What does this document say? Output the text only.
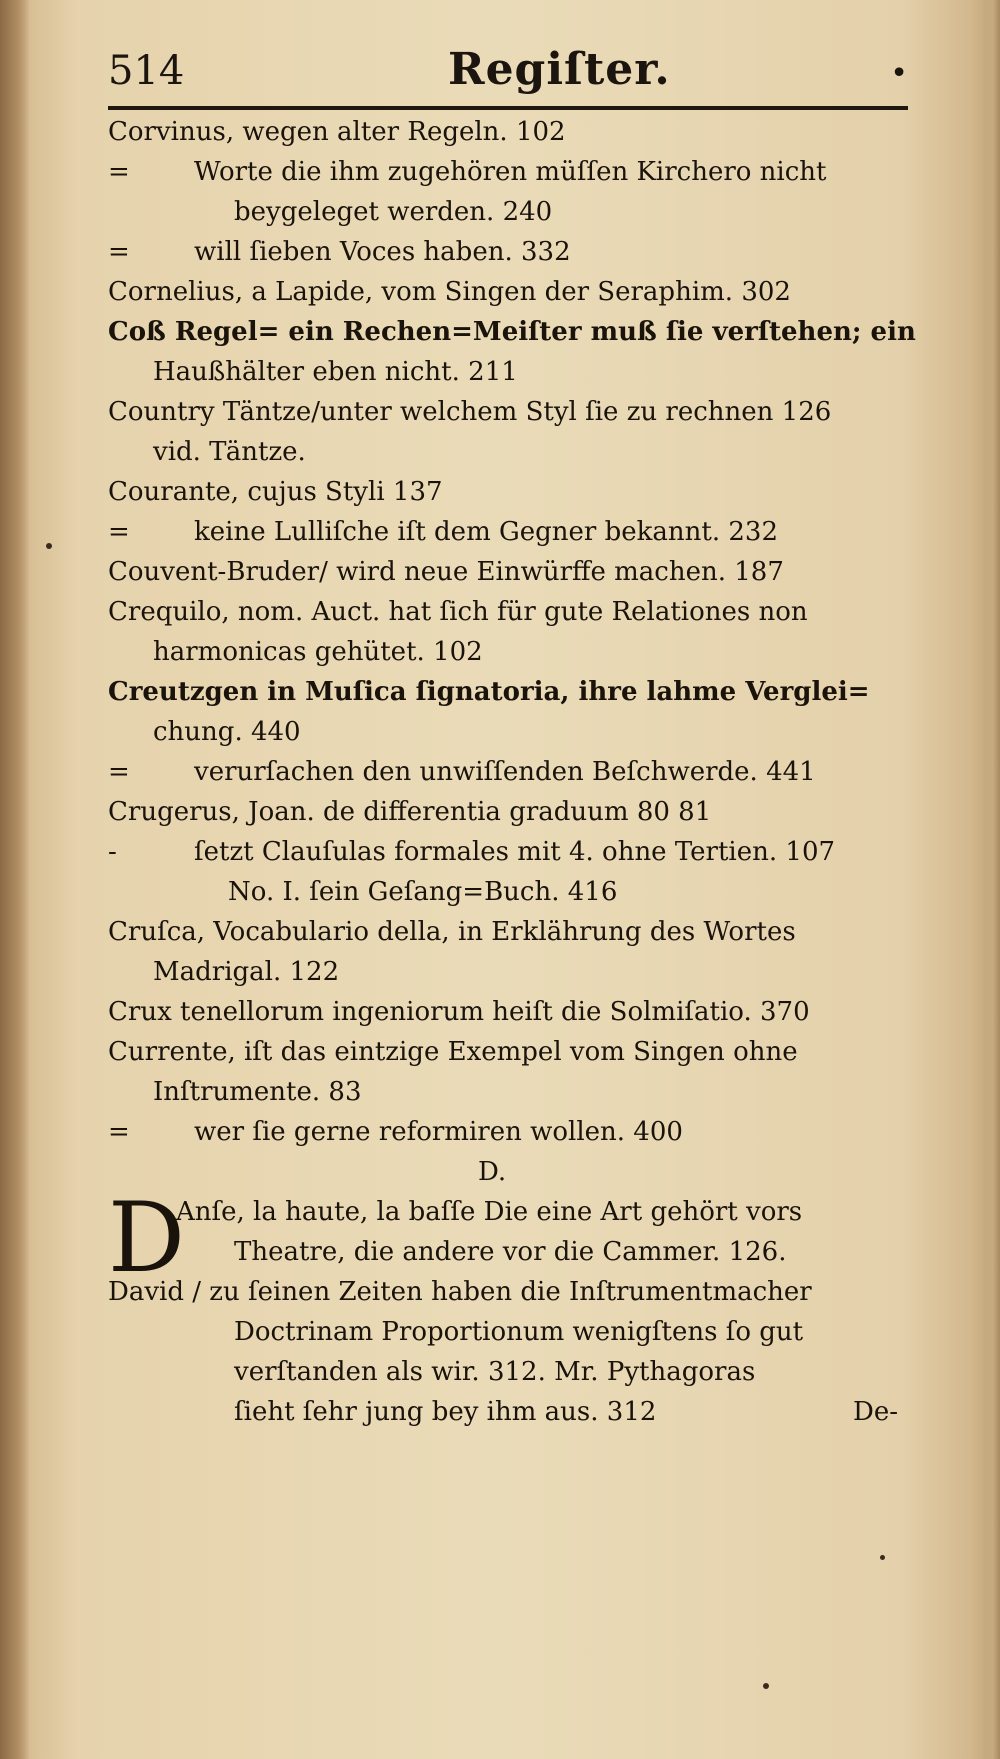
514	Regiſter.	•
Corvinus, wegen alter Regeln. 102
= Worte die ihm zugehören müſſen Kirchero nicht
beygeleget werden. 240
= will ſieben Voces haben. 332
Cornelius, a Lapide, vom Singen der Seraphim. 302
Coß Regel= ein Rechen=Meiſter muß ſie verſtehen; ein
Haußhälter eben nicht. 211
Country Täntze/unter welchem Styl ſie zu rechnen 126
vid. Täntze.
Courante, cujus Styli 137
= keine Lulliſche iſt dem Gegner bekannt. 232
Couvent-Bruder/ wird neue Einwürffe machen. 187
Crequilo, nom. Auct. hat ſich für gute Relationes non
harmonicas gehütet. 102
Creutzgen in Muſica ſignatoria, ihre lahme Verglei=
chung. 440
= verurſachen den unwiſſenden Beſchwerde. 441
Crugerus, Joan. de differentia graduum 80 81
-	ſetzt Clauſulas formales mit 4. ohne Tertien. 107
No. I. ſein Geſang=Buch. 416
Cruſca, Vocabulario della, in Erklährung des Wortes
Madrigal. 122
Crux tenellorum ingeniorum heiſt die Solmiſatio. 370
Currente, iſt das eintzige Exempel vom Singen ohne
Inſtrumente. 83
= wer ſie gerne reformiren wollen. 400
D.
Anſe, la haute, la baſſe Die eine Art gehört vors
Theatre, die andere vor die Cammer. 126.
David / zu ſeinen Zeiten haben die Inſtrumentmacher
Doctrinam Proportionum wenigſtens ſo gut
verſtanden als wir. 312. Mr. Pythagoras
ſieht ſehr jung bey ihm aus. 312	De-
D
